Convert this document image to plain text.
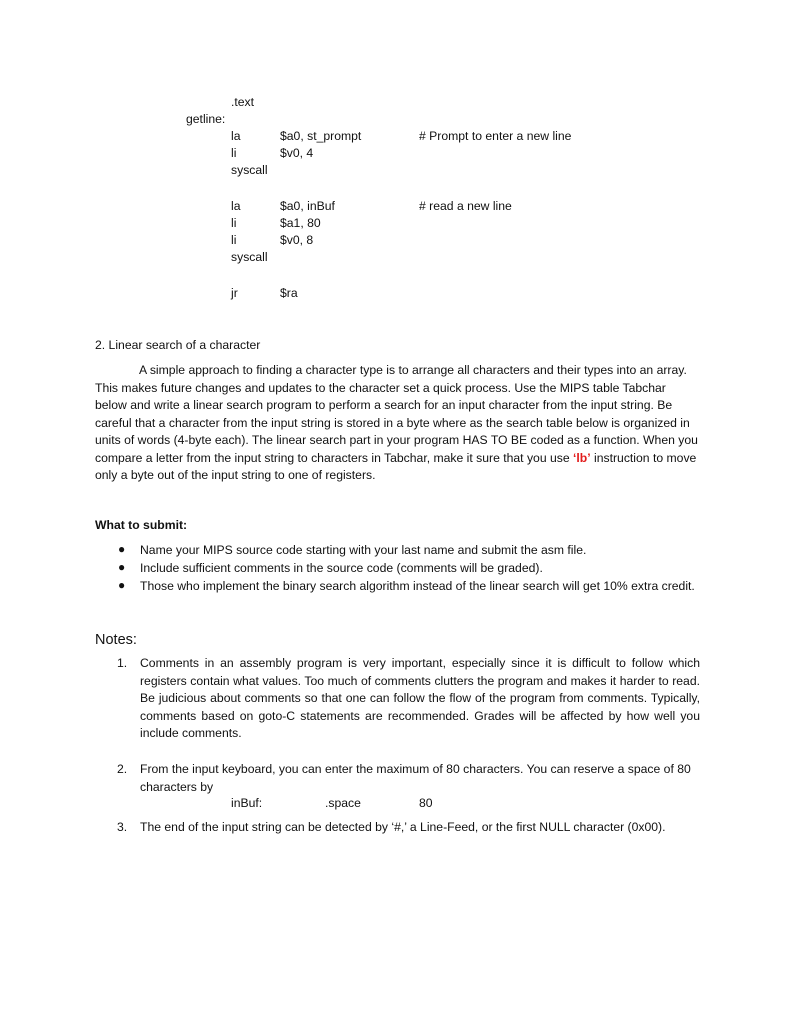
.text
getline:
la	$a0, st_prompt	# Prompt to enter a new line
li	$v0, 4
syscall
la	$a0, inBuf	# read a new line
li	$a1, 80
li	$v0, 8
syscall
jr	$ra
2. Linear search of a character
A simple approach to finding a character type is to arrange all characters and their types into an array. This makes future changes and updates to the character set a quick process. Use the MIPS table Tabchar below and write a linear search program to perform a search for an input character from the input string. Be careful that a character from the input string is stored in a byte where as the search table below is organized in units of words (4-byte each). The linear search part in your program HAS TO BE coded as a function. When you compare a letter from the input string to characters in Tabchar, make it sure that you use ‘lb’ instruction to move only a byte out of the input string to one of registers.
What to submit:
● Name your MIPS source code starting with your last name and submit the asm file.
● Include sufficient comments in the source code (comments will be graded).
● Those who implement the binary search algorithm instead of the linear search will get 10% extra credit.
Notes:
1. Comments in an assembly program is very important, especially since it is difficult to follow which registers contain what values. Too much of comments clutters the program and makes it harder to read. Be judicious about comments so that one can follow the flow of the program from comments. Typically, comments based on goto-C statements are recommended. Grades will be affected by how well you include comments.
2. From the input keyboard, you can enter the maximum of 80 characters. You can reserve a space of 80 characters by
inBuf:	.space	80
3. The end of the input string can be detected by ‘#,’ a Line-Feed, or the first NULL character (0x00).
